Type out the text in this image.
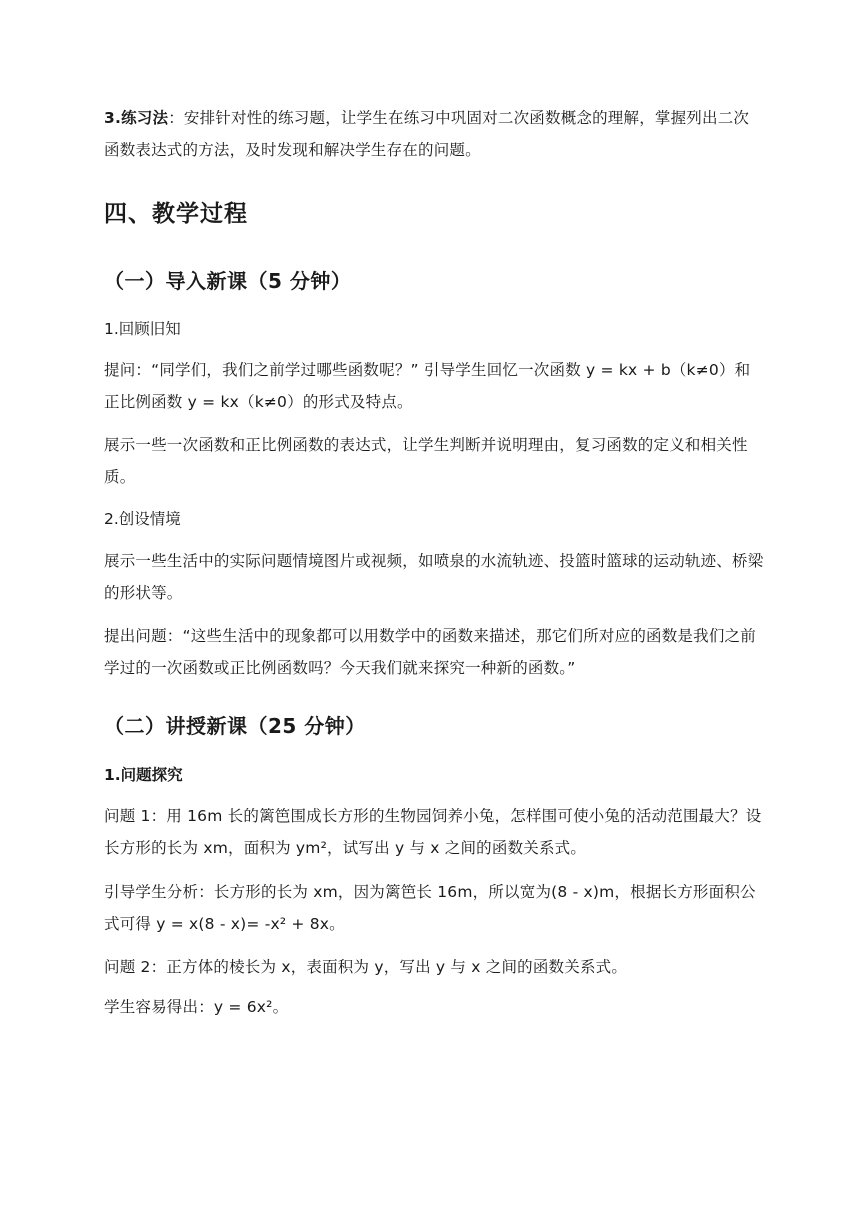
3.练习法：安排针对性的练习题，让学生在练习中巩固对二次函数概念的理解，掌握列出二次函数表达式的方法，及时发现和解决学生存在的问题。

四、教学过程
（一）导入新课（5 分钟）

1.回顾旧知

提问：“同学们，我们之前学过哪些函数呢？” 引导学生回忆一次函数 y = kx + b（k≠0）和正比例函数 y = kx（k≠0）的形式及特点。

展示一些一次函数和正比例函数的表达式，让学生判断并说明理由，复习函数的定义和相关性质。

2.创设情境

展示一些生活中的实际问题情境图片或视频，如喷泉的水流轨迹、投篮时篮球的运动轨迹、桥梁的形状等。

提出问题：“这些生活中的现象都可以用数学中的函数来描述，那它们所对应的函数是我们之前学过的一次函数或正比例函数吗？今天我们就来探究一种新的函数。”

（二）讲授新课（25 分钟）

1.问题探究

问题 1：用 16m 长的篱笆围成长方形的生物园饲养小兔，怎样围可使小兔的活动范围最大？设长方形的长为 xm，面积为 ym²，试写出 y 与 x 之间的函数关系式。

引导学生分析：长方形的长为 xm，因为篱笆长 16m，所以宽为(8 - x)m，根据长方形面积公式可得 y = x(8 - x)= -x² + 8x。

问题 2：正方体的棱长为 x，表面积为 y，写出 y 与 x 之间的函数关系式。

学生容易得出：y = 6x²。
